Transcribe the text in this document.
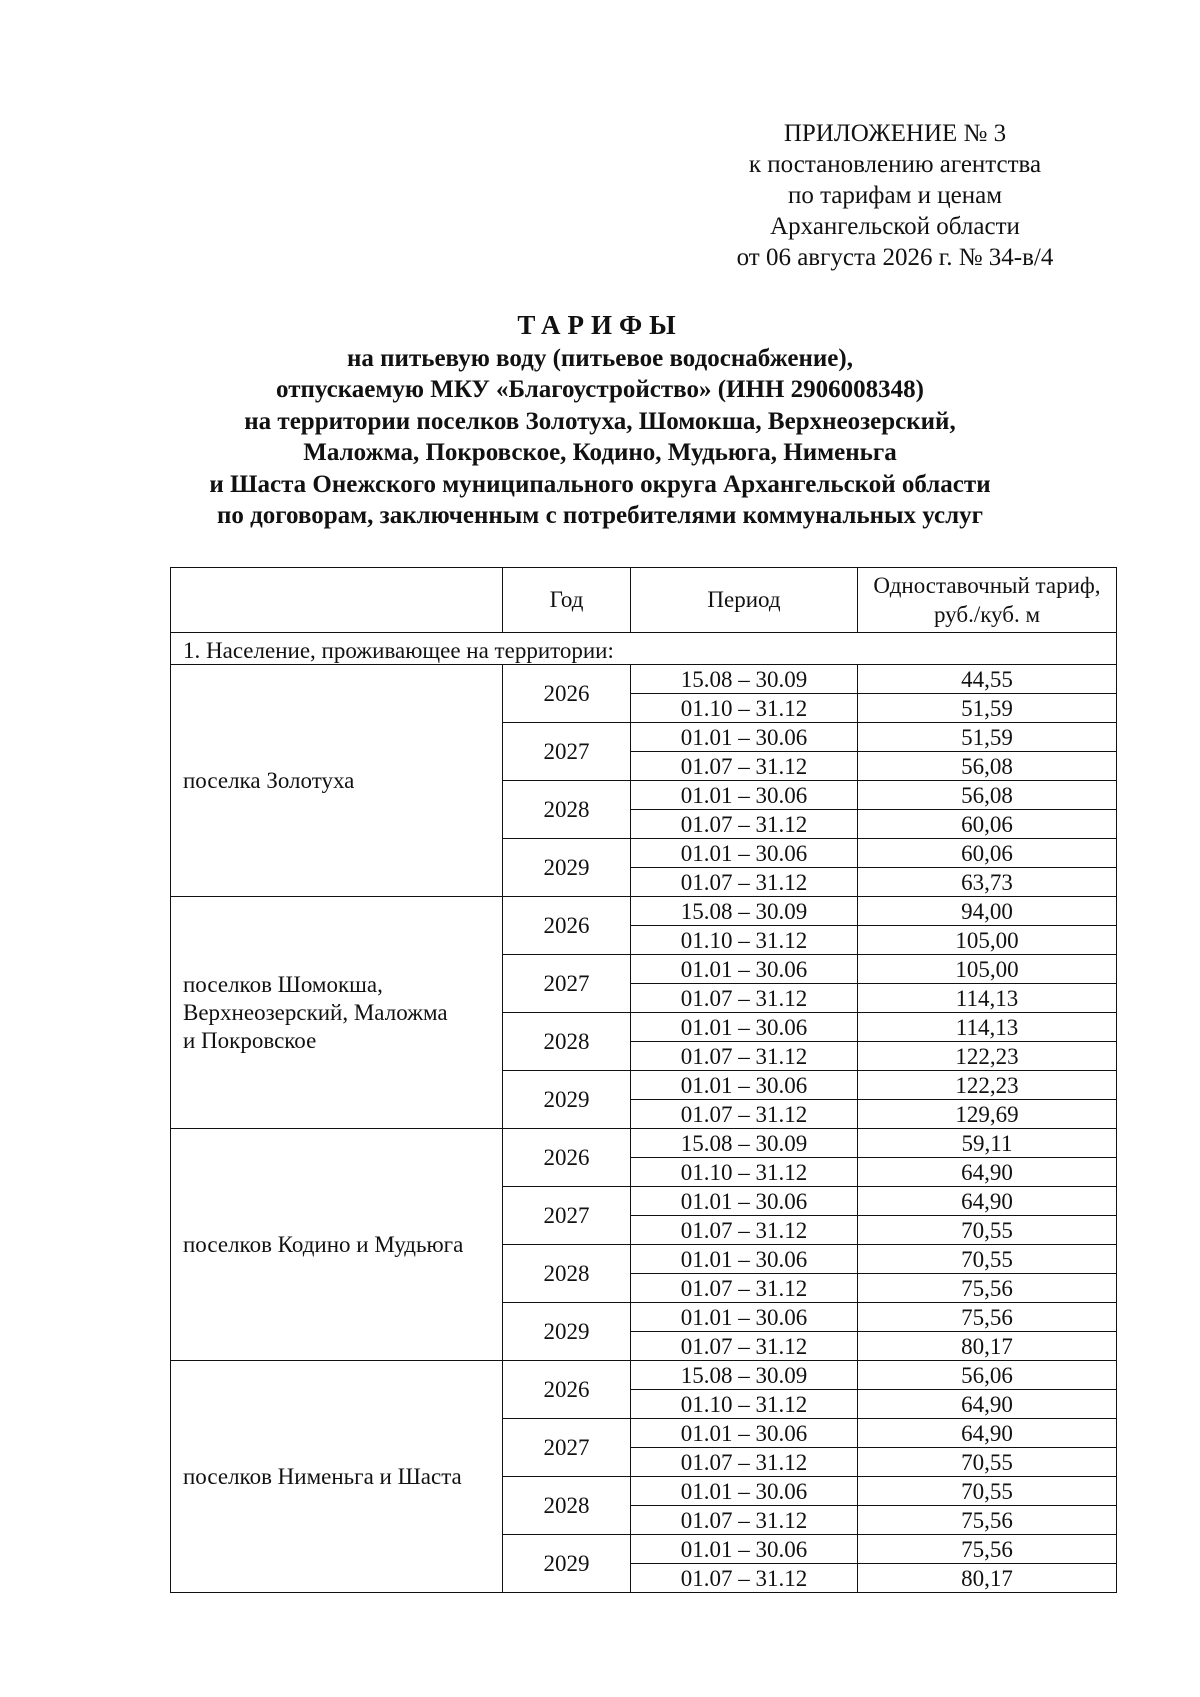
ПРИЛОЖЕНИЕ № 3
к постановлению агентства
по тарифам и ценам
Архангельской области
от 06 августа 2026 г. № 34-в/4
ТАРИФЫ
на питьевую воду (питьевое водоснабжение),
отпускаемую МКУ «Благоустройство» (ИНН 2906008348)
на территории поселков Золотуха, Шомокша, Верхнеозерский,
Маложма, Покровское, Кодино, Мудьюга, Нименьга
и Шаста Онежского муниципального округа Архангельской области
по договорам, заключенным с потребителями коммунальных услуг
	Год	Период	Одноставочный тариф,
руб./куб. м

1. Население, проживающее на территории:			

поселка Золотуха	2026	15.08 – 30.09	44,55
		01.10 – 31.12	51,59
	2027	01.01 – 30.06	51,59
		01.07 – 31.12	56,08
	2028	01.01 – 30.06	56,08
		01.07 – 31.12	60,06
	2029	01.01 – 30.06	60,06
		01.07 – 31.12	63,73

поселков Шомокша,
Верхнеозерский, Маложма
и Покровское	2026	15.08 – 30.09	94,00
		01.10 – 31.12	105,00
	2027	01.01 – 30.06	105,00
		01.07 – 31.12	114,13
	2028	01.01 – 30.06	114,13
		01.07 – 31.12	122,23
	2029	01.01 – 30.06	122,23
		01.07 – 31.12	129,69

поселков Кодино и Мудьюга	2026	15.08 – 30.09	59,11
		01.10 – 31.12	64,90
	2027	01.01 – 30.06	64,90
		01.07 – 31.12	70,55
	2028	01.01 – 30.06	70,55
		01.07 – 31.12	75,56
	2029	01.01 – 30.06	75,56
		01.07 – 31.12	80,17

поселков Нименьга и Шаста	2026	15.08 – 30.09	56,06
		01.10 – 31.12	64,90
	2027	01.01 – 30.06	64,90
		01.07 – 31.12	70,55
	2028	01.01 – 30.06	70,55
		01.07 – 31.12	75,56
	2029	01.01 – 30.06	75,56
		01.07 – 31.12	80,17
